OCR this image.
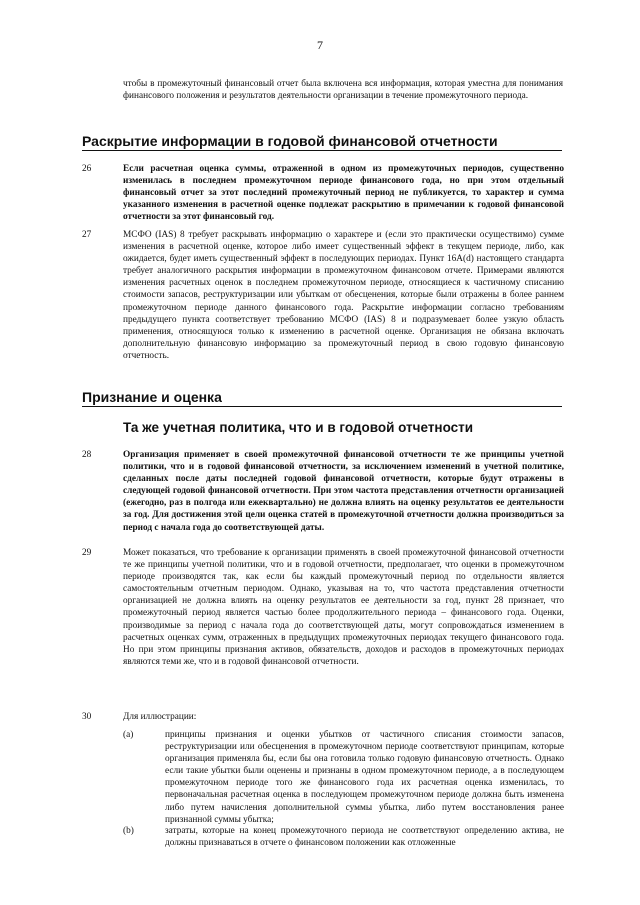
7
чтобы в промежуточный финансовый отчет была включена вся информация, которая уместна для понимания финансового положения и результатов деятельности организации в течение промежуточного периода.
Раскрытие информации в годовой финансовой отчетности
26	Если расчетная оценка суммы, отраженной в одном из промежуточных периодов, существенно изменилась в последнем промежуточном периоде финансового года, но при этом отдельный финансовый отчет за этот последний промежуточный период не публикуется, то характер и сумма указанного изменения в расчетной оценке подлежат раскрытию в примечании к годовой финансовой отчетности за этот финансовый год.
27	МСФО (IAS) 8 требует раскрывать информацию о характере и (если это практически осуществимо) сумме изменения в расчетной оценке, которое либо имеет существенный эффект в текущем периоде, либо, как ожидается, будет иметь существенный эффект в последующих периодах. Пункт 16А(d) настоящего стандарта требует аналогичного раскрытия информации в промежуточном финансовом отчете. Примерами являются изменения расчетных оценок в последнем промежуточном периоде, относящиеся к частичному списанию стоимости запасов, реструктуризации или убыткам от обесценения, которые были отражены в более раннем промежуточном периоде данного финансового года. Раскрытие информации согласно требованиям предыдущего пункта соответствует требованию МСФО (IAS) 8 и подразумевает более узкую область применения, относящуюся только к изменению в расчетной оценке. Организация не обязана включать дополнительную финансовую информацию за промежуточный период в свою годовую финансовую отчетность.
Признание и оценка
Та же учетная политика, что и в годовой отчетности
28	Организация применяет в своей промежуточной финансовой отчетности те же принципы учетной политики, что и в годовой финансовой отчетности, за исключением изменений в учетной политике, сделанных после даты последней годовой финансовой отчетности, которые будут отражены в следующей годовой финансовой отчетности. При этом частота представления отчетности организацией (ежегодно, раз в полгода или ежеквартально) не должна влиять на оценку результатов ее деятельности за год. Для достижения этой цели оценка статей в промежуточной отчетности должна производиться за период с начала года до соответствующей даты.
29	Может показаться, что требование к организации применять в своей промежуточной финансовой отчетности те же принципы учетной политики, что и в годовой отчетности, предполагает, что оценки в промежуточном периоде производятся так, как если бы каждый промежуточный период по отдельности является самостоятельным отчетным периодом. Однако, указывая на то, что частота представления отчетности организацией не должна влиять на оценку результатов ее деятельности за год, пункт 28 признает, что промежуточный период является частью более продолжительного периода – финансового года. Оценки, производимые за период с начала года до соответствующей даты, могут сопровождаться изменением в расчетных оценках сумм, отраженных в предыдущих промежуточных периодах текущего финансового года. Но при этом принципы признания активов, обязательств, доходов и расходов в промежуточных периодах являются теми же, что и в годовой финансовой отчетности.
30	Для иллюстрации:
(a)	принципы признания и оценки убытков от частичного списания стоимости запасов, реструктуризации или обесценения в промежуточном периоде соответствуют принципам, которые организация применяла бы, если бы она готовила только годовую финансовую отчетность. Однако если такие убытки были оценены и признаны в одном промежуточном периоде, а в последующем промежуточном периоде того же финансового года их расчетная оценка изменилась, то первоначальная расчетная оценка в последующем промежуточном периоде должна быть изменена либо путем начисления дополнительной суммы убытка, либо путем восстановления ранее признанной суммы убытка;
(b)	затраты, которые на конец промежуточного периода не соответствуют определению актива, не должны признаваться в отчете о финансовом положении как отложенные
